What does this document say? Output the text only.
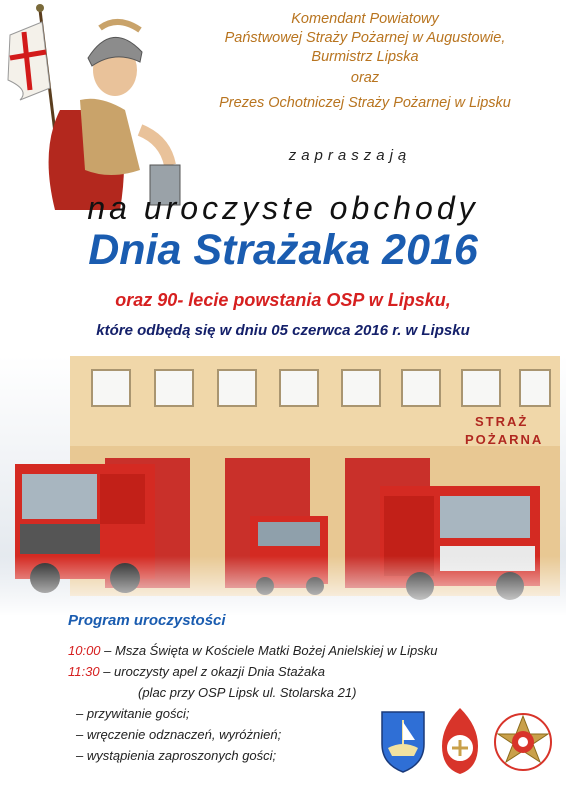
Komendant Powiatowy
Państwowej Straży Pożarnej w Augustowie,
Burmistrz Lipska
oraz
Prezes Ochotniczej Straży Pożarnej w Lipsku
zapraszają
na uroczyste obchody
Dnia Strażaka 2016
oraz 90- lecie powstania OSP w Lipsku,
które odbędą się w dniu 05 czerwca 2016 r. w Lipsku
STRAŻ
POŻARNA
Program uroczystości
10:00 – Msza Święta w Kościele Matki Bożej Anielskiej w Lipsku
11:30 – uroczysty apel z okazji Dnia Stażaka
(plac przy OSP Lipsk ul. Stolarska 21)
– przywitanie gości;
– wręczenie odznaczeń, wyróżnień;
– wystąpienia zaproszonych gości;
